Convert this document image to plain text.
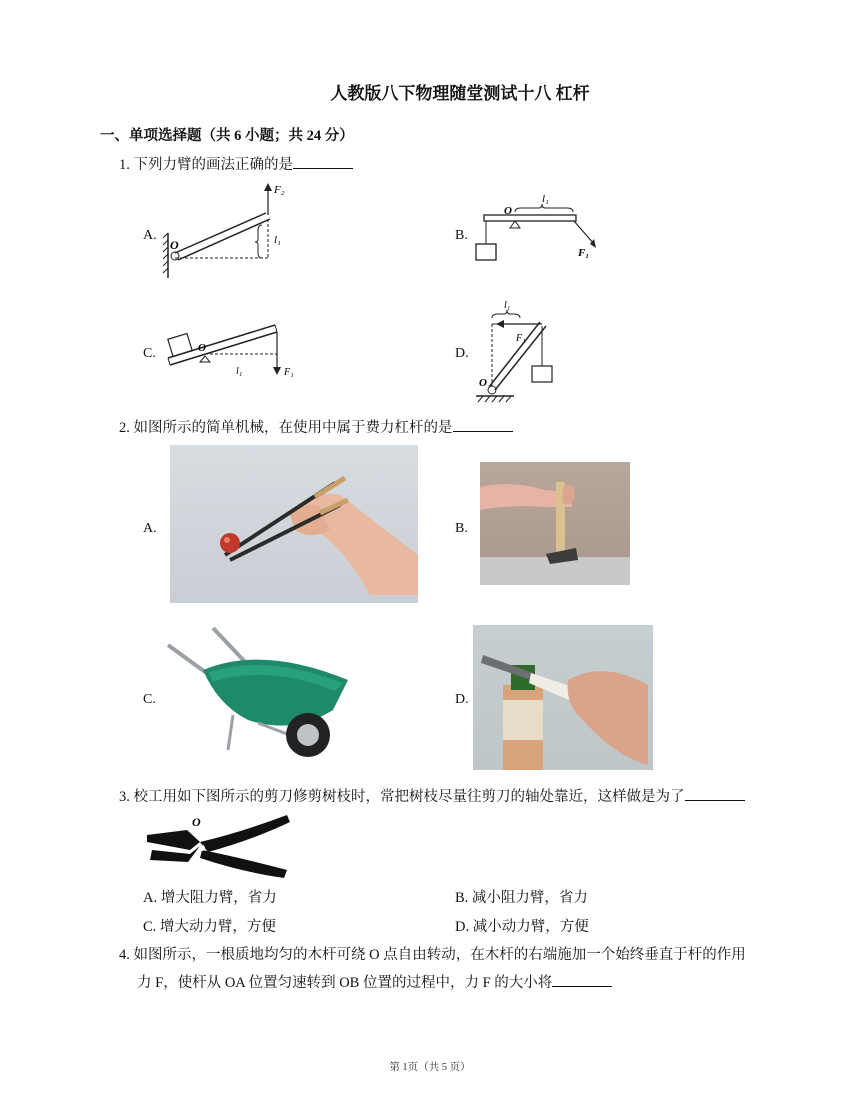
人教版八下物理随堂测试十八 杠杆
一、单项选择题（共 6 小题；共 24 分）
1. 下列力臂的画法正确的是
A.
F₂
l₁
O
B.
O
l₁
F₁
C.	O
l₁	F₁
D.
l₁
F₁
O
2. 如图所示的简单机械，在使用中属于费力杠杆的是
A.	B.
C.	D.
3. 校工用如下图所示的剪刀修剪树枝时，常把树枝尽量往剪刀的轴处靠近，这样做是为了
O
A. 增大阻力臂，省力	B. 减小阻力臂，省力
C. 增大动力臂，方便	D. 减小动力臂，方便
4. 如图所示，一根质地均匀的木杆可绕 O 点自由转动，在木杆的右端施加一个始终垂直于杆的作用
力 F，使杆从 OA 位置匀速转到 OB 位置的过程中，力 F 的大小将
第 1页（共 5 页）
